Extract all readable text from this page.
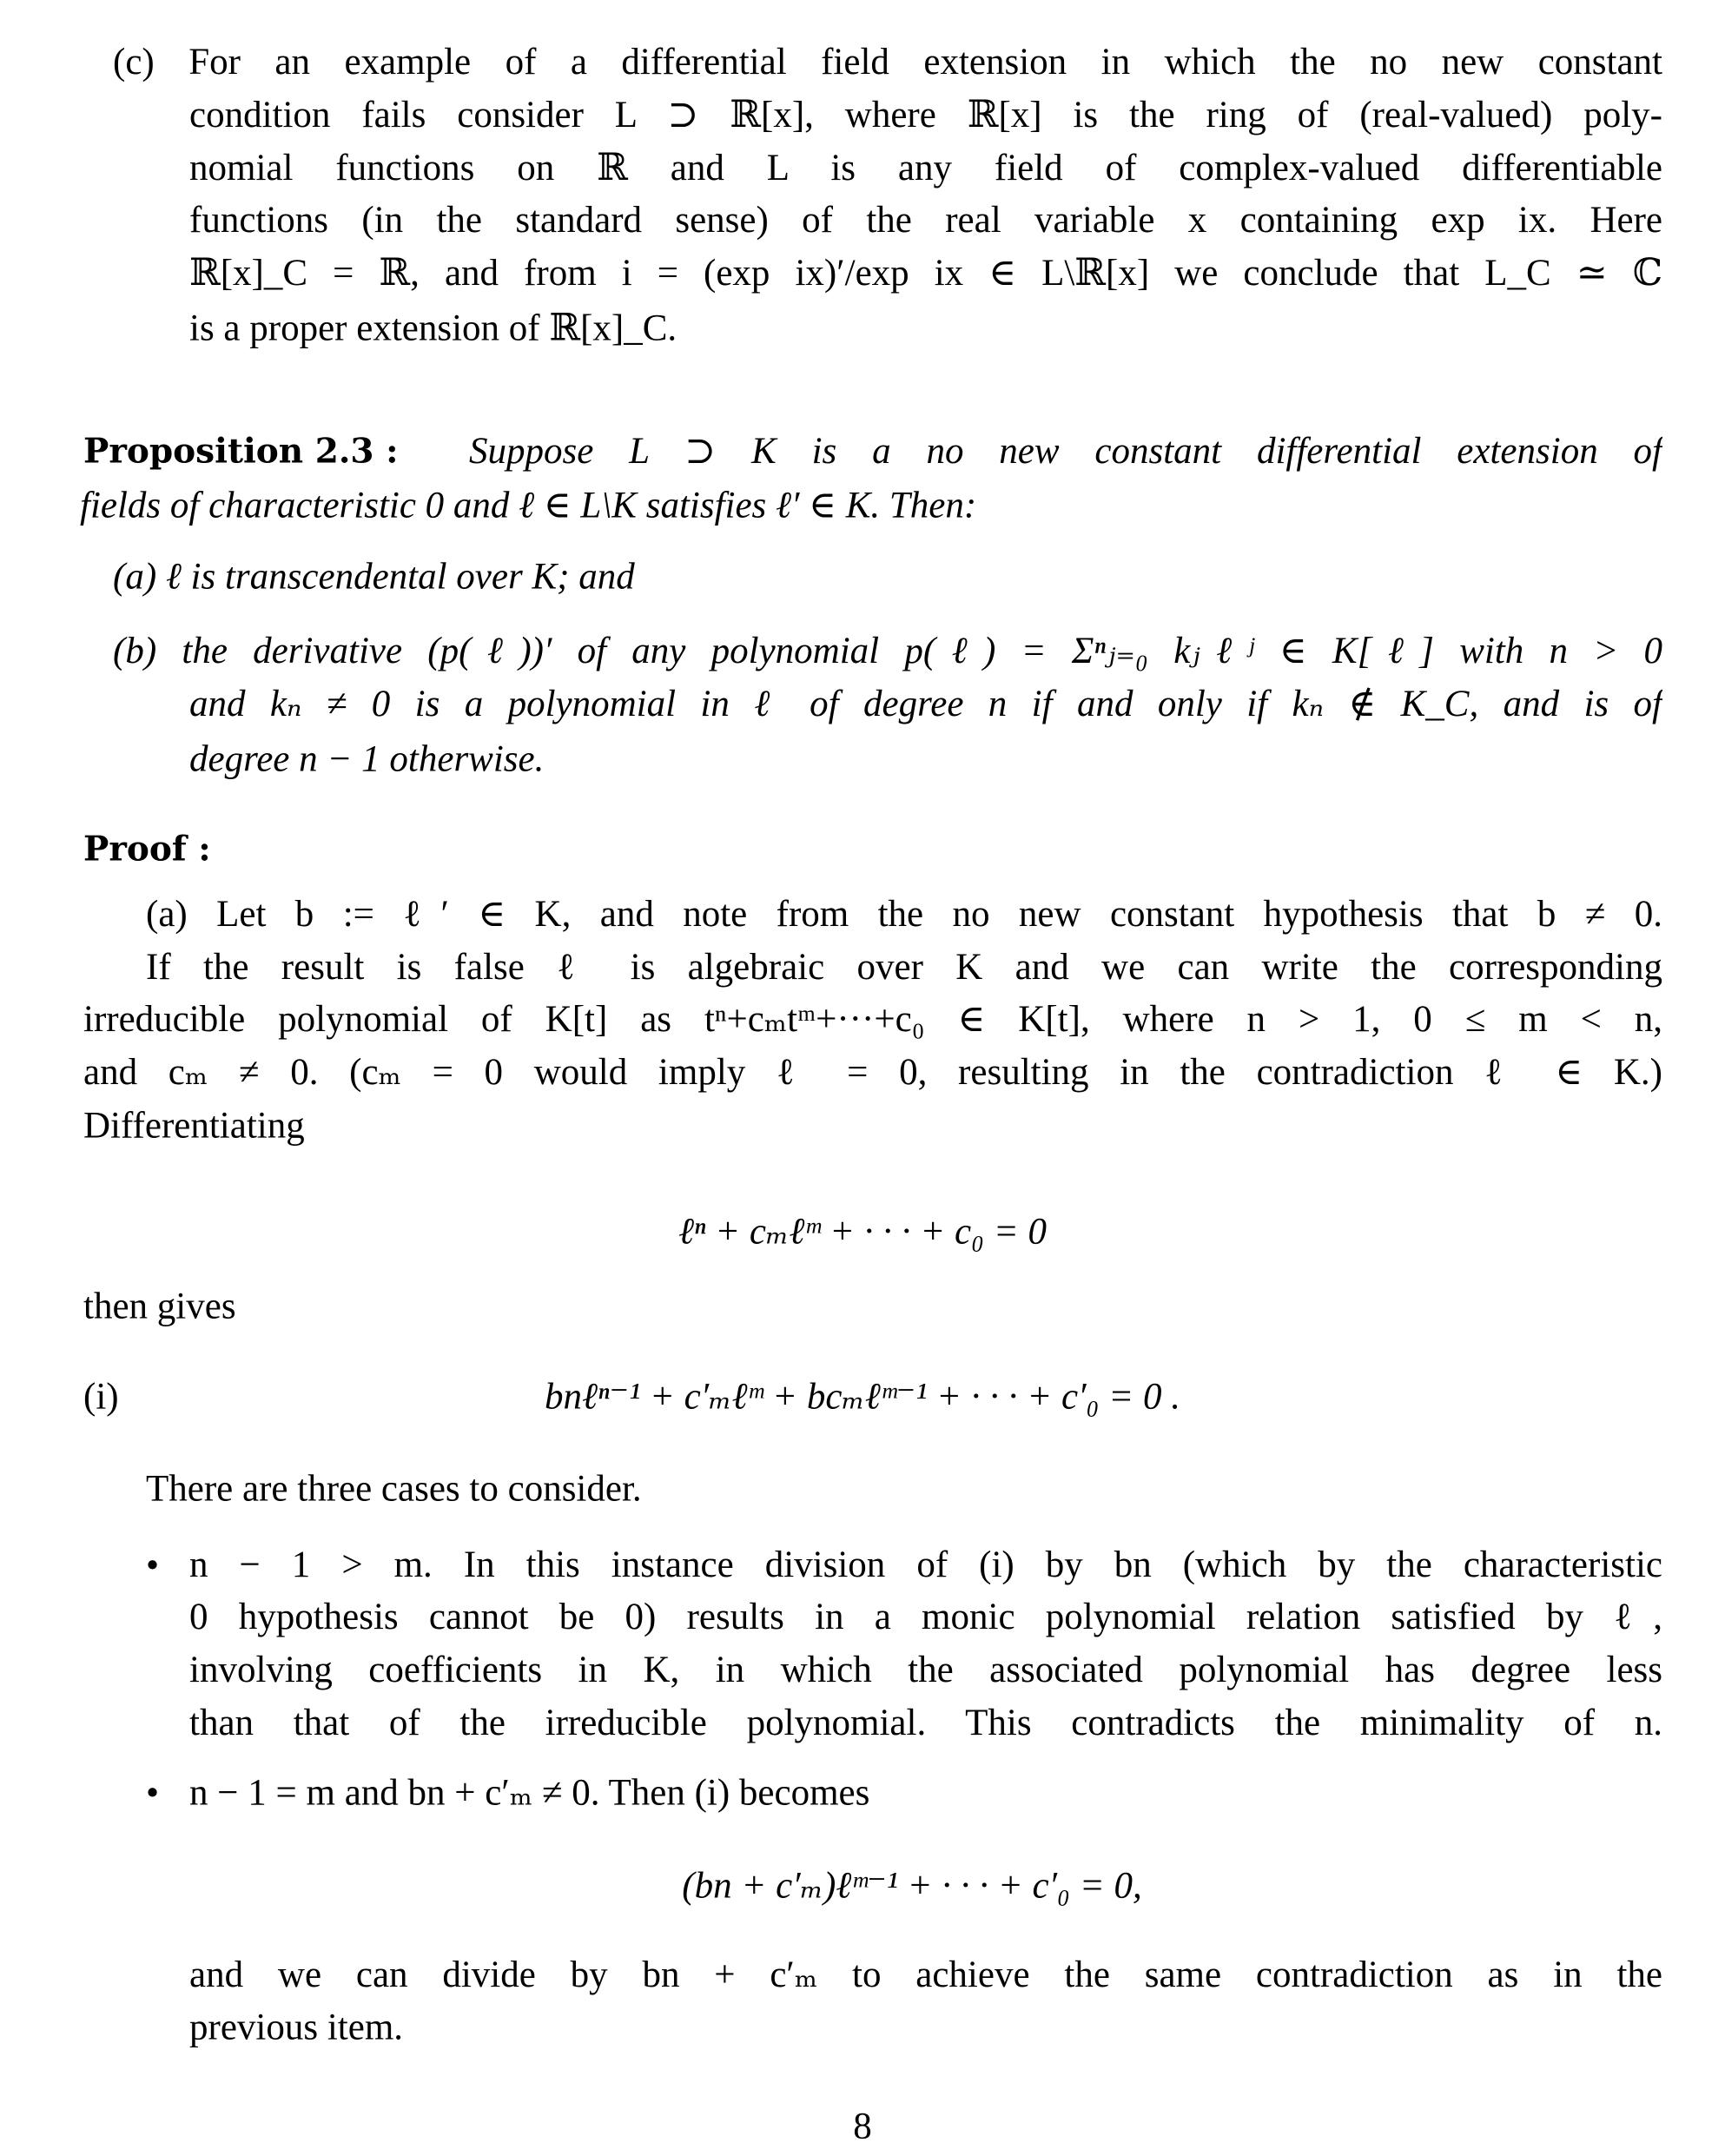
(c) For an example of a differential field extension in which the no new constant
condition fails consider L ⊃ ℝ[x], where ℝ[x] is the ring of (real-valued) poly-
nomial functions on ℝ and L is any field of complex-valued differentiable
functions (in the standard sense) of the real variable x containing exp ix. Here
ℝ[x]_C = ℝ, and from i = (exp ix)′/exp ix ∈ L\ℝ[x] we conclude that L_C ≃ ℂ
is a proper extension of ℝ[x]_C.
Proposition 2.3 : Suppose L ⊃ K is a no new constant differential extension of
fields of characteristic 0 and ℓ ∈ L\K satisfies ℓ′ ∈ K. Then:
(a) ℓ is transcendental over K; and
(b) the derivative (p(ℓ))′ of any polynomial p(ℓ) = Σⁿⱼ₌₀ kⱼℓʲ ∈ K[ℓ] with n > 0
and kₙ ≠ 0 is a polynomial in ℓ of degree n if and only if kₙ ∉ K_C, and is of
degree n − 1 otherwise.
Proof :
(a) Let b := ℓ′ ∈ K, and note from the no new constant hypothesis that b ≠ 0.
If the result is false ℓ is algebraic over K and we can write the corresponding
irreducible polynomial of K[t] as tⁿ+cₘtᵐ+···+c₀ ∈ K[t], where n > 1, 0 ≤ m < n,
and cₘ ≠ 0. (cₘ = 0 would imply ℓ = 0, resulting in the contradiction ℓ ∈ K.)
Differentiating
ℓⁿ + cₘℓᵐ + · · · + c₀ = 0
then gives
(i)	bnℓⁿ⁻¹ + c′ₘℓᵐ + bcₘℓᵐ⁻¹ + · · · + c′₀ = 0 .
There are three cases to consider.
• n − 1 > m. In this instance division of (i) by bn (which by the characteristic
0 hypothesis cannot be 0) results in a monic polynomial relation satisfied by ℓ,
involving coefficients in K, in which the associated polynomial has degree less
than that of the irreducible polynomial. This contradicts the minimality of n.
• n − 1 = m and bn + c′ₘ ≠ 0. Then (i) becomes
(bn + c′ₘ)ℓᵐ⁻¹ + · · · + c′₀ = 0,
and we can divide by bn + c′ₘ to achieve the same contradiction as in the
previous item.
8
